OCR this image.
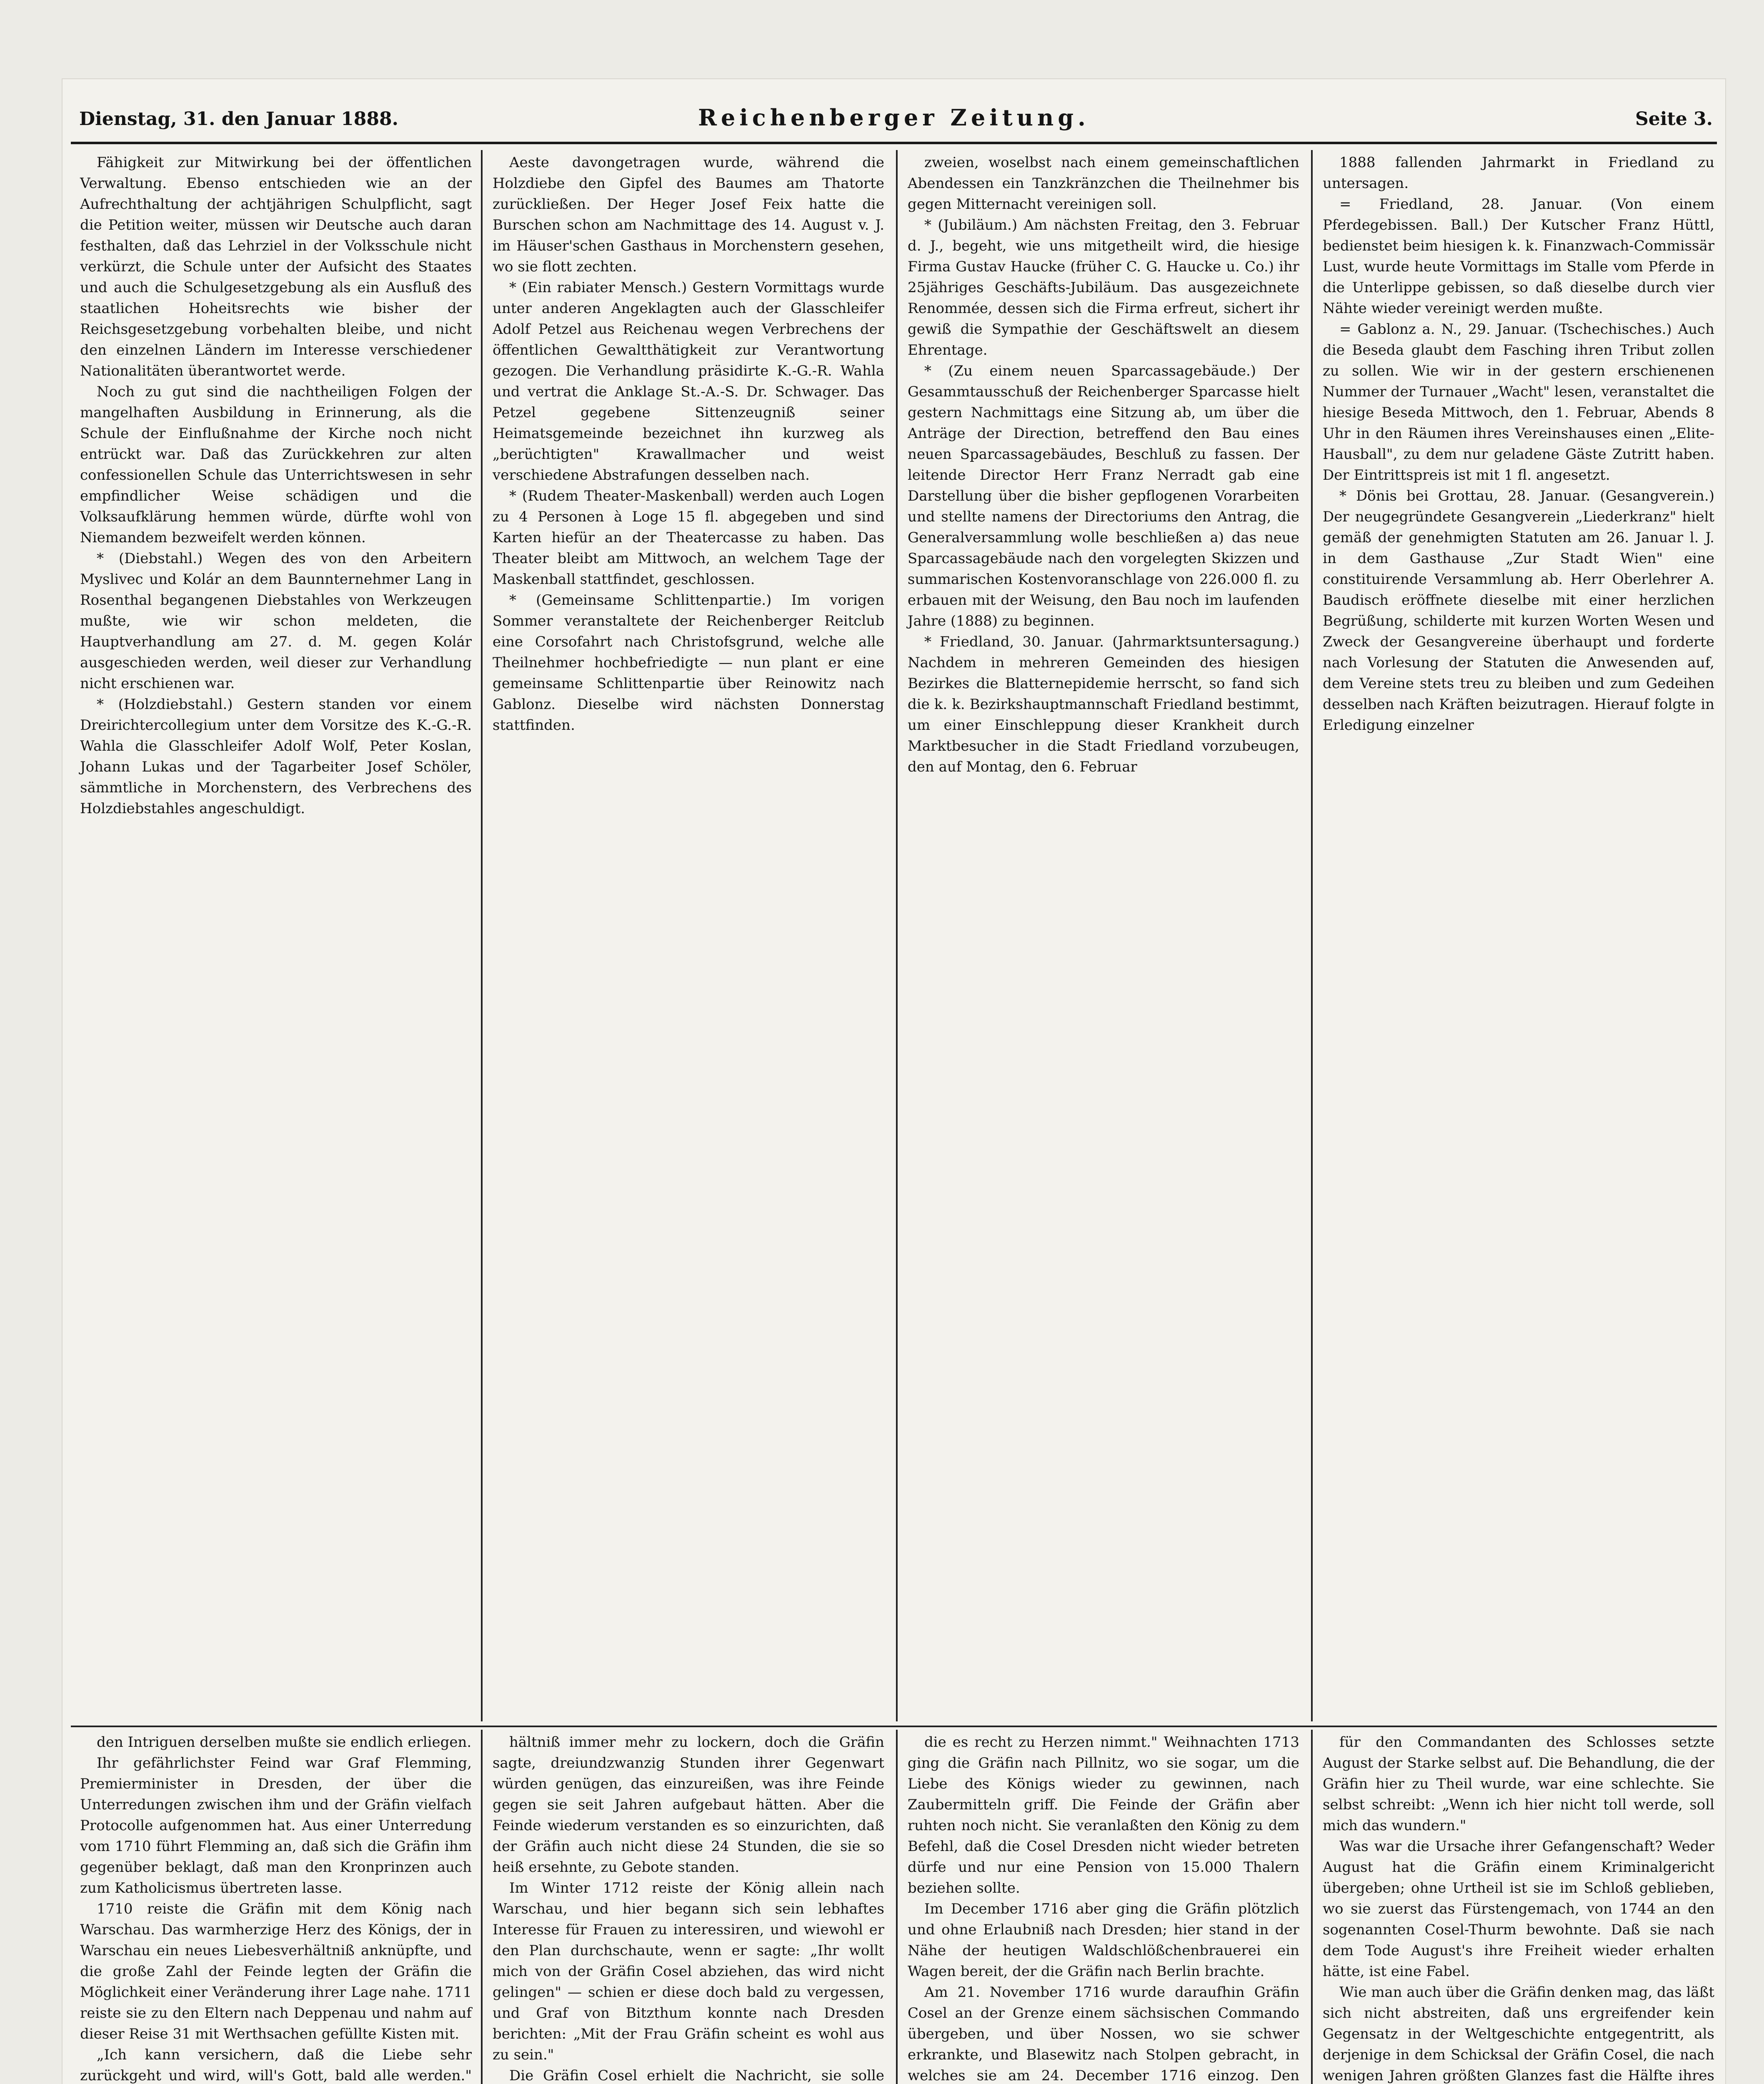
Dienstag, 31. den Januar 1888.	Reichenberger Zeitung.	Seite 3.

Fähigkeit zur Mitwirkung bei der öffentlichen Verwaltung. Ebenso entschieden wie an der Aufrechthaltung der achtjährigen Schulpflicht, sagt die Petition weiter, müssen wir Deutsche auch daran festhalten, daß das Lehrziel in der Volksschule nicht verkürzt, die Schule unter der Aufsicht des Staates und auch die Schulgesetzgebung als ein Ausfluß des staatlichen Hoheitsrechts wie bisher der Reichsgesetzgebung vorbehalten bleibe, und nicht den einzelnen Ländern im Interesse verschiedener Nationalitäten überantwortet werde.

Noch zu gut sind die nachtheiligen Folgen der mangelhaften Ausbildung in Erinnerung, als die Schule der Einflußnahme der Kirche noch nicht entrückt war. Daß das Zurückkehren zur alten confessionellen Schule das Unterrichtswesen in sehr empfindlicher Weise schädigen und die Volksaufklärung hemmen würde, dürfte wohl von Niemandem bezweifelt werden können.

* (Diebstahl.) Wegen des von den Arbeitern Myslivec und Kolár an dem Baunnternehmer Lang in Rosenthal begangenen Diebstahles von Werkzeugen mußte, wie wir schon meldeten, die Hauptverhandlung am 27. d. M. gegen Kolár ausgeschieden werden, weil dieser zur Verhandlung nicht erschienen war.

* (Holzdiebstahl.) Gestern standen vor einem Dreirichtercollegium unter dem Vorsitze des K.-G.-R. Wahla die Glasschleifer Adolf Wolf, Peter Koslan, Johann Lukas und der Tagarbeiter Josef Schöler, sämmtliche in Morchenstern, des Verbrechens des Holzdiebstahles angeschuldigt.

Aeste davongetragen wurde, während die Holzdiebe den Gipfel des Baumes am Thatorte zurückließen. Der Heger Josef Feix hatte die Burschen schon am Nachmittage des 14. August v. J. im Häuser'schen Gasthaus in Morchenstern gesehen, wo sie flott zechten.

* (Ein rabiater Mensch.) Gestern Vormittags wurde unter anderen Angeklagten auch der Glasschleifer Adolf Petzel aus Reichenau wegen Verbrechens der öffentlichen Gewaltthätigkeit zur Verantwortung gezogen. Die Verhandlung präsidirte K.-G.-R. Wahla und vertrat die Anklage St.-A.-S. Dr. Schwager. Das Petzel gegebene Sittenzeugniß seiner Heimatsgemeinde bezeichnet ihn kurzweg als „berüchtigten" Krawallmacher und weist verschiedene Abstrafungen desselben nach.

* (Rudem Theater-Maskenball) werden auch Logen zu 4 Personen à Loge 15 fl. abgegeben und sind Karten hiefür an der Theatercasse zu haben. Das Theater bleibt am Mittwoch, an welchem Tage der Maskenball stattfindet, geschlossen.

* (Gemeinsame Schlittenpartie.) Im vorigen Sommer veranstaltete der Reichenberger Reitclub eine Corsofahrt nach Christofsgrund, welche alle Theilnehmer hochbefriedigte — nun plant er eine gemeinsame Schlittenpartie über Reinowitz nach Gablonz. Dieselbe wird nächsten Donnerstag stattfinden.

zweien, woselbst nach einem gemeinschaftlichen Abendessen ein Tanzkränzchen die Theilnehmer bis gegen Mitternacht vereinigen soll.

* (Jubiläum.) Am nächsten Freitag, den 3. Februar d. J., begeht, wie uns mitgetheilt wird, die hiesige Firma Gustav Haucke (früher C. G. Haucke u. Co.) ihr 25jähriges Geschäfts-Jubiläum. Das ausgezeichnete Renommée, dessen sich die Firma erfreut, sichert ihr gewiß die Sympathie der Geschäftswelt an diesem Ehrentage.

* (Zu einem neuen Sparcassagebäude.) Der Gesammtausschuß der Reichenberger Sparcasse hielt gestern Nachmittags eine Sitzung ab, um über die Anträge der Direction, betreffend den Bau eines neuen Sparcassagebäudes, Beschluß zu fassen. Der leitende Director Herr Franz Nerradt gab eine Darstellung über die bisher gepflogenen Vorarbeiten und stellte namens der Directoriums den Antrag, die Generalversammlung wolle beschließen a) das neue Sparcassagebäude nach den vorgelegten Skizzen und summarischen Kostenvoranschlage von 226.000 fl. zu erbauen mit der Weisung, den Bau noch im laufenden Jahre (1888) zu beginnen.

* Friedland, 30. Januar. (Jahrmarktsuntersagung.) Nachdem in mehreren Gemeinden des hiesigen Bezirkes die Blatternepidemie herrscht, so fand sich die k. k. Bezirkshauptmannschaft Friedland bestimmt, um einer Einschleppung dieser Krankheit durch Marktbesucher in die Stadt Friedland vorzubeugen, den auf Montag, den 6. Februar

1888 fallenden Jahrmarkt in Friedland zu untersagen.

= Friedland, 28. Januar. (Von einem Pferdegebissen. Ball.) Der Kutscher Franz Hüttl, bedienstet beim hiesigen k. k. Finanzwach-Commissär Lust, wurde heute Vormittags im Stalle vom Pferde in die Unterlippe gebissen, so daß dieselbe durch vier Nähte wieder vereinigt werden mußte.

= Gablonz a. N., 29. Januar. (Tschechisches.) Auch die Beseda glaubt dem Fasching ihren Tribut zollen zu sollen. Wie wir in der gestern erschienenen Nummer der Turnauer „Wacht" lesen, veranstaltet die hiesige Beseda Mittwoch, den 1. Februar, Abends 8 Uhr in den Räumen ihres Vereinshauses einen „Elite-Hausball", zu dem nur geladene Gäste Zutritt haben. Der Eintrittspreis ist mit 1 fl. angesetzt.

* Dönis bei Grottau, 28. Januar. (Gesangverein.) Der neugegründete Gesangverein „Liederkranz" hielt gemäß der genehmigten Statuten am 26. Januar l. J. in dem Gasthause „Zur Stadt Wien" eine constituirende Versammlung ab. Herr Oberlehrer A. Baudisch eröffnete dieselbe mit einer herzlichen Begrüßung, schilderte mit kurzen Worten Wesen und Zweck der Gesangvereine überhaupt und forderte nach Vorlesung der Statuten die Anwesenden auf, dem Vereine stets treu zu bleiben und zum Gedeihen desselben nach Kräften beizutragen. Hierauf folgte in Erledigung einzelner

den Intriguen derselben mußte sie endlich erliegen.

Ihr gefährlichster Feind war Graf Flemming, Premierminister in Dresden, der über die Unterredungen zwischen ihm und der Gräfin vielfach Protocolle aufgenommen hat. Aus einer Unterredung vom 1710 führt Flemming an, daß sich die Gräfin ihm gegenüber beklagt, daß man den Kronprinzen auch zum Katholicismus übertreten lasse.

1710 reiste die Gräfin mit dem König nach Warschau. Das warmherzige Herz des Königs, der in Warschau ein neues Liebesverhältniß anknüpfte, und die große Zahl der Feinde legten der Gräfin die Möglichkeit einer Veränderung ihrer Lage nahe. 1711 reiste sie zu den Eltern nach Deppenau und nahm auf dieser Reise 31 mit Werthsachen gefüllte Kisten mit.

„Ich kann versichern, daß die Liebe sehr zurückgeht und wird, will's Gott, bald alle werden."

hältniß immer mehr zu lockern, doch die Gräfin sagte, dreiundzwanzig Stunden ihrer Gegenwart würden genügen, das einzureißen, was ihre Feinde gegen sie seit Jahren aufgebaut hätten. Aber die Feinde wiederum verstanden es so einzurichten, daß der Gräfin auch nicht diese 24 Stunden, die sie so heiß ersehnte, zu Gebote standen.

Im Winter 1712 reiste der König allein nach Warschau, und hier begann sich sein lebhaftes Interesse für Frauen zu interessiren, und wiewohl er den Plan durchschaute, wenn er sagte: „Ihr wollt mich von der Gräfin Cosel abziehen, das wird nicht gelingen" — schien er diese doch bald zu vergessen, und Graf von Bitzthum konnte nach Dresden berichten: „Mit der Frau Gräfin scheint es wohl aus zu sein."

Die Gräfin Cosel erhielt die Nachricht, sie solle

die es recht zu Herzen nimmt." Weihnachten 1713 ging die Gräfin nach Pillnitz, wo sie sogar, um die Liebe des Königs wieder zu gewinnen, nach Zaubermitteln griff. Die Feinde der Gräfin aber ruhten noch nicht. Sie veranlaßten den König zu dem Befehl, daß die Cosel Dresden nicht wieder betreten dürfe und nur eine Pension von 15.000 Thalern beziehen sollte.

Im December 1716 aber ging die Gräfin plötzlich und ohne Erlaubniß nach Dresden; hier stand in der Nähe der heutigen Waldschlößchenbrauerei ein Wagen bereit, der die Gräfin nach Berlin brachte.

Am 21. November 1716 wurde daraufhin Gräfin Cosel an der Grenze einem sächsischen Commando übergeben, und über Nossen, wo sie schwer erkrankte, und Blasewitz nach Stolpen gebracht, in welches sie am 24. December 1716 einzog. Den

für den Commandanten des Schlosses setzte August der Starke selbst auf. Die Behandlung, die der Gräfin hier zu Theil wurde, war eine schlechte. Sie selbst schreibt: „Wenn ich hier nicht toll werde, soll mich das wundern."

Was war die Ursache ihrer Gefangenschaft? Weder August hat die Gräfin einem Kriminalgericht übergeben; ohne Urtheil ist sie im Schloß geblieben, wo sie zuerst das Fürstengemach, von 1744 an den sogenannten Cosel-Thurm bewohnte. Daß sie nach dem Tode August's ihre Freiheit wieder erhalten hätte, ist eine Fabel.

Wie man auch über die Gräfin denken mag, das läßt sich nicht abstreiten, daß uns ergreifender kein Gegensatz in der Weltgeschichte entgegentritt, als derjenige in dem Schicksal der Gräfin Cosel, die nach wenigen Jahren größten Glanzes fast die Hälfte ihres
